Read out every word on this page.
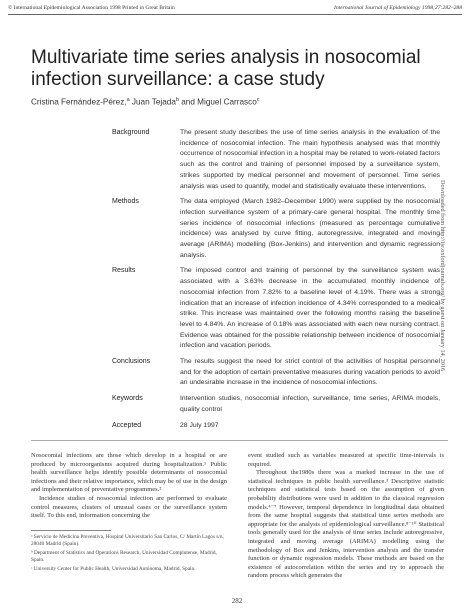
© International Epidemiological Association 1998 Printed in Great Britain	International Journal of Epidemiology 1998;27:282–288
Multivariate time series analysis in nosocomial infection surveillance: a case study
Cristina Fernández-Pérez,$^a$ Juan Tejada$^b$ and Miguel Carrasco$^c$
Background	The present study describes the use of time series analysis in the evaluation of the incidence of nosocomial infection. The main hypothesis analysed was that monthly occurrence of nosocomial infection in a hospital may be related to work-related factors such as the control and training of personnel imposed by a surveillance system, strikes supported by medical personnel and movement of personnel. Time series analysis was used to quantify, model and statistically evaluate these interventions.
Methods	The data employed (March 1982–December 1990) were supplied by the nosocomial infection surveillance system of a primary-care general hospital. The monthly time series incidence of nosocomial infections (measured as percentage cumulative incidence) was analysed by curve fitting, autoregressive, integrated and moving average (ARIMA) modelling (Box-Jenkins) and intervention and dynamic regression analysis.
Results	The imposed control and training of personnel by the surveillance system was associated with a 3.63% decrease in the accumulated monthly incidence of nosocomial infection from 7.82% to a baseline level of 4.19%. There was a strong indication that an increase of infection incidence of 4.34% corresponded to a medical strike. This increase was maintained over the following months raising the baseline level to 4.84%. An increase of 0.18% was associated with each new nursing contract. Evidence was obtained for the possible relationship between incidence of nosocomial infection and vacation periods.
Conclusions	The results suggest the need for strict control of the activities of hospital personnel and for the adoption of certain preventative measures during vacation periods to avoid an undesirable increase in the incidence of nosocomial infections.
Keywords	Intervention studies, nosocomial infection, surveillance, time series, ARIMA models, quality control
Accepted	28 July 1997
Downloaded from http://ije.oxfordjournals.org/ by guest on January 14, 2016

Nosocomial infections are those which develop in a hospital or are produced by microorganisms acquired during hospitalization.¹ Public health surveillance helps identify possible determinants of nosocomial infections and their relative importance, which may be of use in the design and implementation of preventative programmes.²

Incidence studies of nosocomial infection are performed to evaluate control measures, clusters of unusual cases or the surveillance system itself. To this end, information concerning the

event studied such as variables measured at specific time-intervals is required.

Throughout the1980s there was a marked increase in the use of statistical techniques in public health surveillance.³ Descriptive statistic techniques and statistical tests based on the assumption of given probability distributions were used in addition to the classical regression models.⁴⁻⁷ However, temporal dependence in longitudinal data obtained from the same hospital suggests that statistical time series methods are appropriate for the analysis of epidemiological surveillance.⁸⁻¹⁰ Statistical tools generally used for the analysis of time series include autoregressive, integrated and moving average (ARIMA) modelling using the methodology of Box and Jenkins, intervention analysis and the transfer function or dynamic regression models. These methods are based on the existence of autocorrelation within the series and try to approach the random process which generates the

ᵃ Servicio de Medicina Preventiva, Hospital Universitario San Carlos, C/ Martín Lagos s/n, 28040 Madrid (Spain).

ᵇ Department of Statistics and Operations Research, Universidad Complutense, Madrid, Spain.

ᶜ University Center for Public Health, Universidad Autónoma, Madrid, Spain.

282
